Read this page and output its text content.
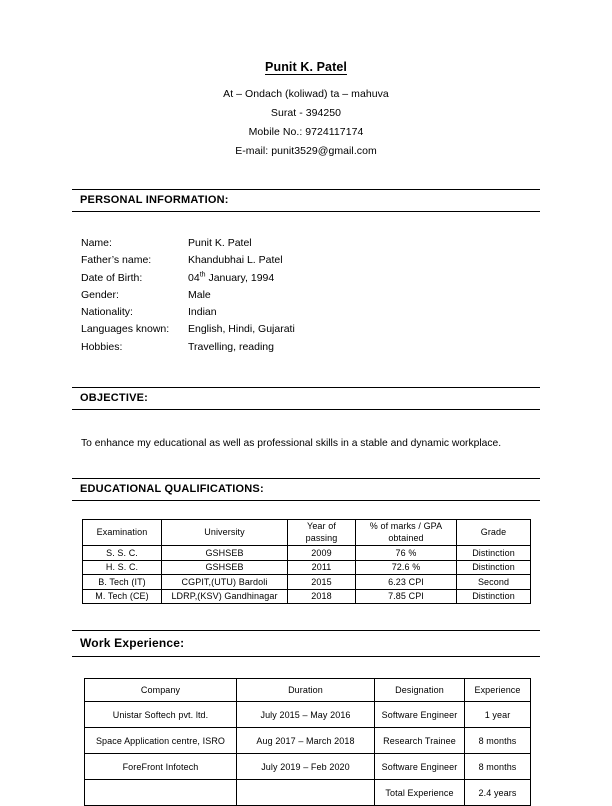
Punit K. Patel
At – Ondach (koliwad) ta – mahuva
Surat - 394250
Mobile No.: 9724117174
E-mail: punit3529@gmail.com
PERSONAL INFORMATION:
Name:	Punit K. Patel
Father’s name:	Khandubhai L. Patel
Date of Birth:	04th January, 1994
Gender:	Male
Nationality:	Indian
Languages known:	English, Hindi, Gujarati
Hobbies:	Travelling, reading
OBJECTIVE:
To enhance my educational as well as professional skills in a stable and dynamic workplace.
EDUCATIONAL QUALIFICATIONS:
Examination	University	Year of passing	% of marks / GPA obtained	Grade
S. S. C.	GSHSEB	2009	76 %	Distinction
H. S. C.	GSHSEB	2011	72.6 %	Distinction
B. Tech (IT)	CGPIT,(UTU) Bardoli	2015	6.23 CPI	Second
M. Tech (CE)	LDRP,(KSV) Gandhinagar	2018	7.85 CPI	Distinction
Work Experience:
Company	Duration	Designation	Experience
Unistar Softech pvt. ltd.	July 2015 – May 2016	Software Engineer	1 year
Space Application centre, ISRO	Aug 2017 – March 2018	Research Trainee	8 months
ForeFront Infotech	July 2019 – Feb 2020	Software Engineer	8 months
		Total Experience	2.4 years
